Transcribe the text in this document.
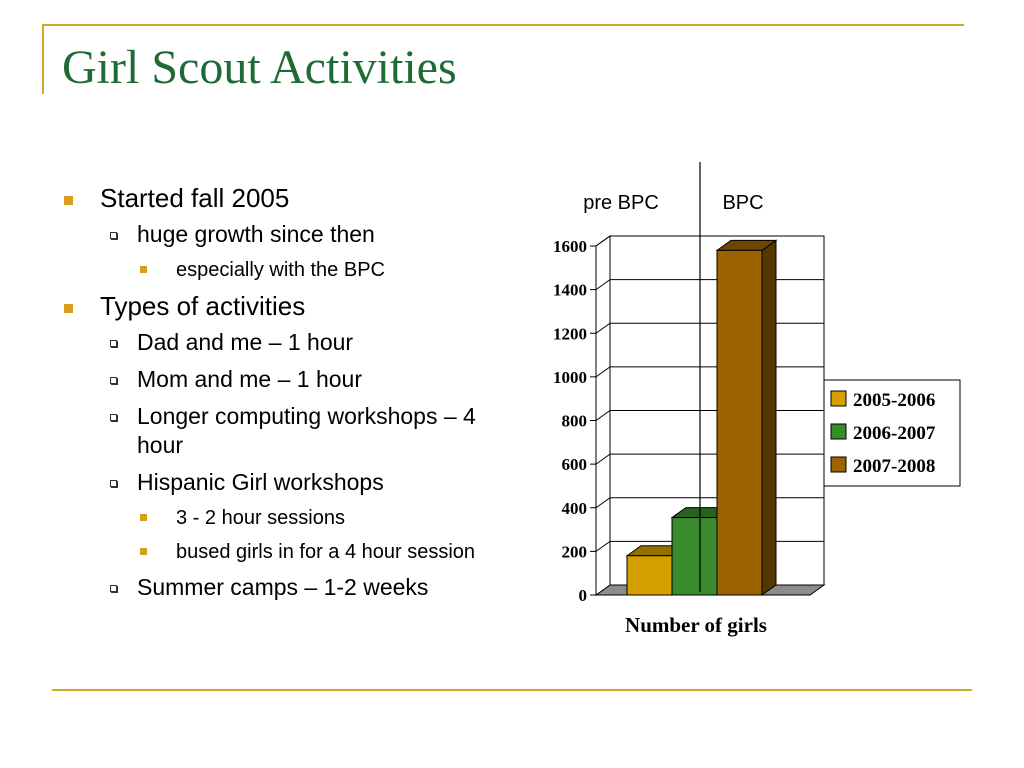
Girl Scout Activities
Started fall 2005
huge growth since then
especially with the BPC
Types of activities
Dad and me – 1 hour
Mom and me – 1 hour
Longer computing workshops – 4 hour
Hispanic Girl workshops
3 - 2 hour sessions
bused girls in for a 4 hour session
Summer camps – 1-2 weeks	0
200
400
600
800
1000
1200
1400
1600
pre BPC	BPC
Number of girls
2005-2006
2006-2007
2007-2008
